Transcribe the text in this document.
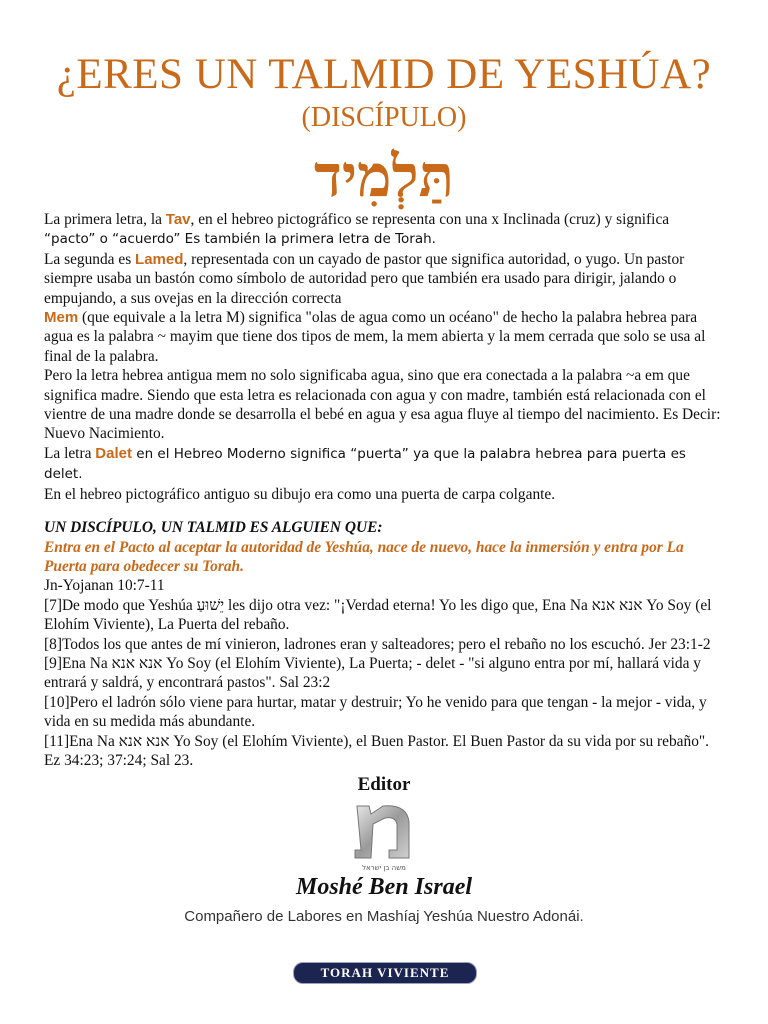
¿ERES UN TALMID DE YESHÚA?
(DISCÍPULO)
תַּלְמִיד

La primera letra, la Tav, en el hebreo pictográfico se representa con una x Inclinada (cruz) y significa “pacto” o “acuerdo” Es también la primera letra de Torah.

La segunda es Lamed, representada con un cayado de pastor que significa autoridad, o yugo. Un pastor siempre usaba un bastón como símbolo de autoridad pero que también era usado para dirigir, jalando o empujando, a sus ovejas en la dirección correcta

Mem (que equivale a la letra M) significa "olas de agua como un océano" de hecho la palabra hebrea para agua es la palabra ~ mayim que tiene dos tipos de mem, la mem abierta y la mem cerrada que solo se usa al final de la palabra.

Pero la letra hebrea antigua mem no solo significaba agua, sino que era conectada a la palabra ~a em que significa madre. Siendo que esta letra es relacionada con agua y con madre, también está relacionada con el vientre de una madre donde se desarrolla el bebé en agua y esa agua fluye al tiempo del nacimiento. Es Decir: Nuevo Nacimiento.

La letra Dalet en el Hebreo Moderno significa “puerta” ya que la palabra hebrea para puerta es delet.

En el hebreo pictográfico antiguo su dibujo era como una puerta de carpa colgante.

UN DISCÍPULO, UN TALMID ES ALGUIEN QUE:

Entra en el Pacto al aceptar la autoridad de Yeshúa, nace de nuevo, hace la inmersión y entra por La Puerta para obedecer su Torah.

Jn-Yojanan 10:7-11

[7]De modo que Yeshúa יֵשׁוּעַ les dijo otra vez: "¡Verdad eterna! Yo les digo que, Ena Na אנא אנא Yo Soy (el Elohím Viviente), La Puerta del rebaño.

[8]Todos los que antes de mí vinieron, ladrones eran y salteadores; pero el rebaño no los escuchó. Jer 23:1-2

[9]Ena Na אנא אנא Yo Soy (el Elohím Viviente), La Puerta; - delet - "si alguno entra por mí, hallará vida y entrará y saldrá, y encontrará pastos". Sal 23:2

[10]Pero el ladrón sólo viene para hurtar, matar y destruir; Yo he venido para que tengan - la mejor - vida, y vida en su medida más abundante.

[11]Ena Na אנא אנא Yo Soy (el Elohím Viviente), el Buen Pastor. El Buen Pastor da su vida por su rebaño". Ez 34:23; 37:24; Sal 23.

Editor
משה בן ישראל
Moshé Ben Israel
Compañero de Labores en Mashíaj Yeshúa Nuestro Adonái.
TORAH VIVIENTE
